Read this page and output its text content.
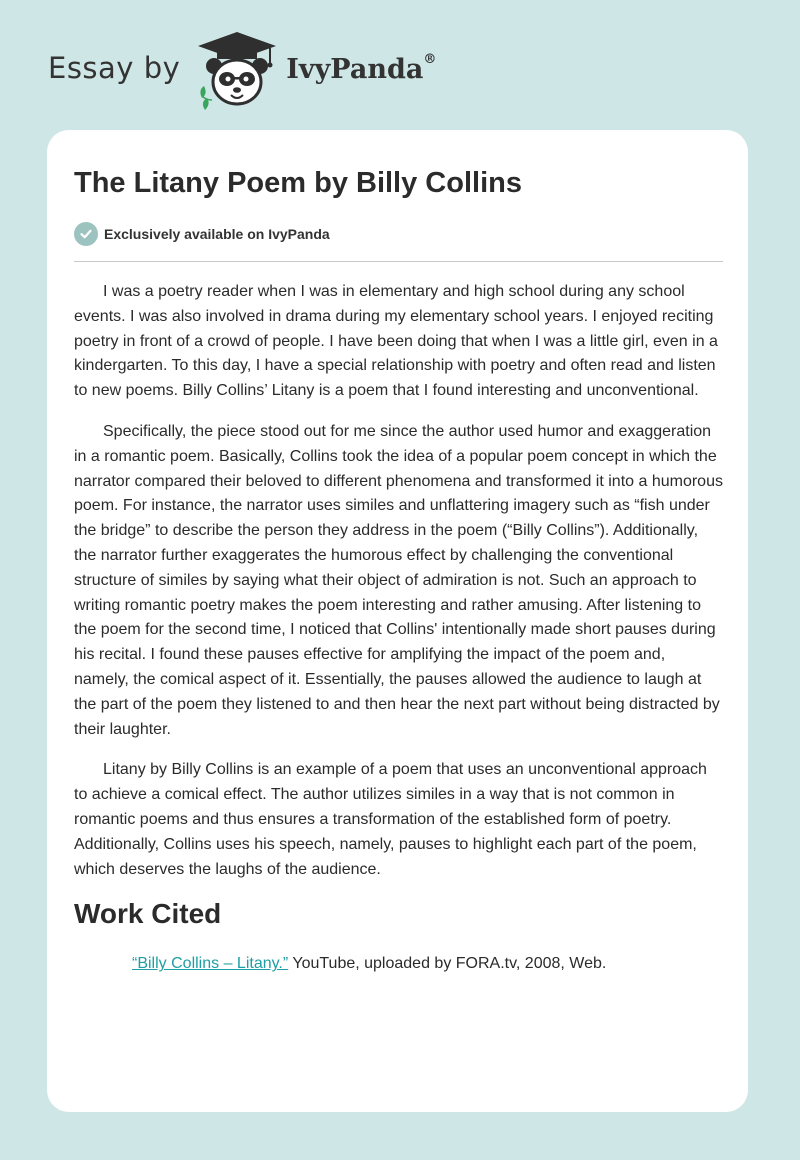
Essay by	IvyPanda®
The Litany Poem by Billy Collins
Exclusively available on IvyPanda

I was a poetry reader when I was in elementary and high school during any school events. I was also involved in drama during my elementary school years. I enjoyed reciting poetry in front of a crowd of people. I have been doing that when I was a little girl, even in a kindergarten. To this day, I have a special relationship with poetry and often read and listen to new poems. Billy Collins’ Litany is a poem that I found interesting and unconventional.

Specifically, the piece stood out for me since the author used humor and exaggeration in a romantic poem. Basically, Collins took the idea of a popular poem concept in which the narrator compared their beloved to different phenomena and transformed it into a humorous poem. For instance, the narrator uses similes and unflattering imagery such as “fish under the bridge” to describe the person they address in the poem (“Billy Collins”). Additionally, the narrator further exaggerates the humorous effect by challenging the conventional structure of similes by saying what their object of admiration is not. Such an approach to writing romantic poetry makes the poem interesting and rather amusing. After listening to the poem for the second time, I noticed that Collins' intentionally made short pauses during his recital. I found these pauses effective for amplifying the impact of the poem and, namely, the comical aspect of it. Essentially, the pauses allowed the audience to laugh at the part of the poem they listened to and then hear the next part without being distracted by their laughter.

Litany by Billy Collins is an example of a poem that uses an unconventional approach to achieve a comical effect. The author utilizes similes in a way that is not common in romantic poems and thus ensures a transformation of the established form of poetry. Additionally, Collins uses his speech, namely, pauses to highlight each part of the poem, which deserves the laughs of the audience.

Work Cited

“Billy Collins – Litany.” YouTube, uploaded by FORA.tv, 2008, Web.
